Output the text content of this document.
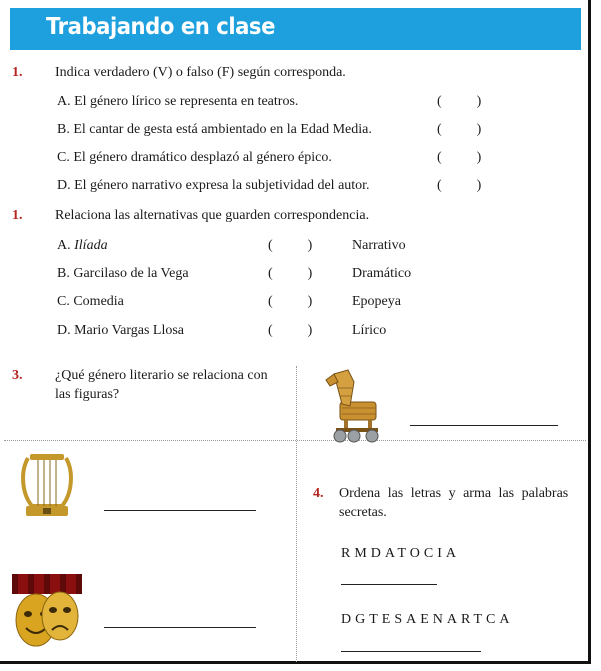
Trabajando en clase
1. Indica verdadero (V) o falso (F) según corresponda.
A. El género lírico se representa en teatros.	(          )
B. El cantar de gesta está ambientado en la Edad Media.	(          )
C. El género dramático desplazó al género épico.	(          )
D. El género narrativo expresa la subjetividad del autor.	(          )
1. Relaciona las alternativas que guarden correspondencia.
A. Ilíada	(          )	Narrativo
B. Garcilaso de la Vega	(          )	Dramático
C. Comedia	(          )	Epopeya
D. Mario Vargas Llosa	(          )	Lírico
3. ¿Qué género literario se relaciona con
las figuras?
4. Ordena las letras y arma las palabras
secretas.
RMDATOCIA
DGTESAENARTCA
